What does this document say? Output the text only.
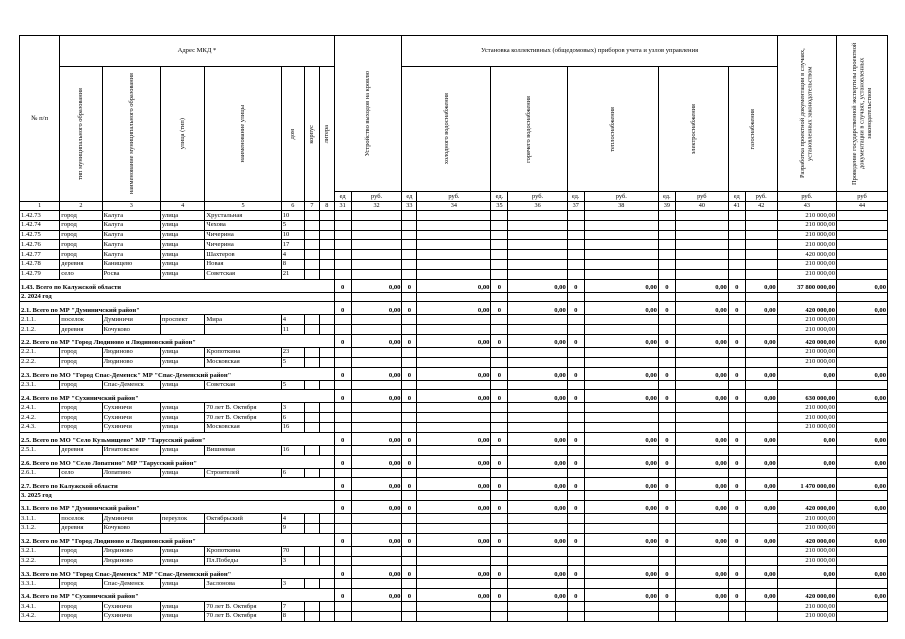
№ п/п	Адрес МКД *							Устройство выходов на кровлю		Установка коллективных (общедомовых) приборов учета и узлов управления										Разработка проектной документации в случаях, установленных законодательством	Проведение государственной экспертизы проектной документации в случаях, установленных законодательством

	тип муниципального образования	наименование муниципального образования	улица (тип)	наименование улицы	дом	корпус	литера			холодного водоснабжения		горячего водоснабжения		теплоснабжения		электроснабжения		газоснабжения			

								ед	руб.	ед	руб.	ед.	руб.	ед.	руб.	ед.	руб	ед	руб.	руб.	руб
1	2	3	4	5	6	7	8	31	32	33	34	35	36	37	38	39	40	41	42	43	44
1.42.73	город	Калуга	улица	Хрустальная	10															210 000,00	
1.42.74	город	Калуга	улица	Чехова	5															210 000,00	
1.42.75	город	Калуга	улица	Чичерина	10															210 000,00	
1.42.76	город	Калуга	улица	Чичерина	17															210 000,00	
1.42.77	город	Калуга	улица	Шахтеров	4															420 000,00	
1.42.78	деревня	Канищево	улица	Новая	8															210 000,00	
1.42.79	село	Росва	улица	Советская	21															210 000,00	
1.43. Всего по Калужской области								0	0,00	0	0,00	0	0,00	0	0,00	0	0,00	0	0,00	37 800 000,00	0,00
2. 2024 год																					
2.1. Всего по МР "Думиничский район"								0	0,00	0	0,00	0	0,00	0	0,00	0	0,00	0	0,00	420 000,00	0,00
2.1.1.	поселок	Думиничи	проспект	Мира	4															210 000,00	
2.1.2.	деревня	Кочуково			11															210 000,00	
2.2. Всего по МР "Город Людиново и Людиновский район"								0	0,00	0	0,00	0	0,00	0	0,00	0	0,00	0	0,00	420 000,00	0,00
2.2.1.	город	Людиново	улица	Кропоткина	23															210 000,00	
2.2.2.	город	Людиново	улица	Московская	5															210 000,00	
2.3. Всего по МО "Город Спас-Деменск" МР "Спас-Деменский район"								0	0,00	0	0,00	0	0,00	0	0,00	0	0,00	0	0,00	0,00	0,00
2.3.1.	город	Спас-Деменск	улица	Советская	5																
2.4. Всего по МР "Сухиничский район"								0	0,00	0	0,00	0	0,00	0	0,00	0	0,00	0	0,00	630 000,00	0,00
2.4.1.	город	Сухиничи	улица	70 лет В. Октября	3															210 000,00	
2.4.2.	город	Сухиничи	улица	70 лет В. Октября	6															210 000,00	
2.4.3.	город	Сухиничи	улица	Московская	16															210 000,00	
2.5. Всего по МО "Село Кузьмищево" МР "Тарусский район"								0	0,00	0	0,00	0	0,00	0	0,00	0	0,00	0	0,00	0,00	0,00
2.5.1.	деревня	Игнатовское	улица	Вишневая	16																
2.6. Всего по МО "Село Лопатино" МР "Тарусский район"								0	0,00	0	0,00	0	0,00	0	0,00	0	0,00	0	0,00	0,00	0,00
2.6.1.	село	Лопатино	улица	Строителей	6																
2.7. Всего по Калужской области								0	0,00	0	0,00	0	0,00	0	0,00	0	0,00	0	0,00	1 470 000,00	0,00
3. 2025 год																					
3.1. Всего по МР "Думиничский район"								0	0,00	0	0,00	0	0,00	0	0,00	0	0,00	0	0,00	420 000,00	0,00
3.1.1.	поселок	Думиничи	переулок	Октябрьский	4															210 000,00	
3.1.2.	деревня	Кочуково			9															210 000,00	
3.2. Всего по МР "Город Людиново и Людиновский район"								0	0,00	0	0,00	0	0,00	0	0,00	0	0,00	0	0,00	420 000,00	0,00
3.2.1.	город	Людиново	улица	Кропоткина	70															210 000,00	
3.2.2.	город	Людиново	улица	Пл.Победы	3															210 000,00	
3.3. Всего по МО "Город Спас-Деменск" МР "Спас-Деменский район"								0	0,00	0	0,00	0	0,00	0	0,00	0	0,00	0	0,00	0,00	0,00
3.3.1.	город	Спас-Деменск	улица	Заслонова	3																
3.4. Всего по МР "Сухиничский район"								0	0,00	0	0,00	0	0,00	0	0,00	0	0,00	0	0,00	420 000,00	0,00
3.4.1.	город	Сухиничи	улица	70 лет В. Октября	7															210 000,00	
3.4.2.	город	Сухиничи	улица	70 лет В. Октября	8															210 000,00	
